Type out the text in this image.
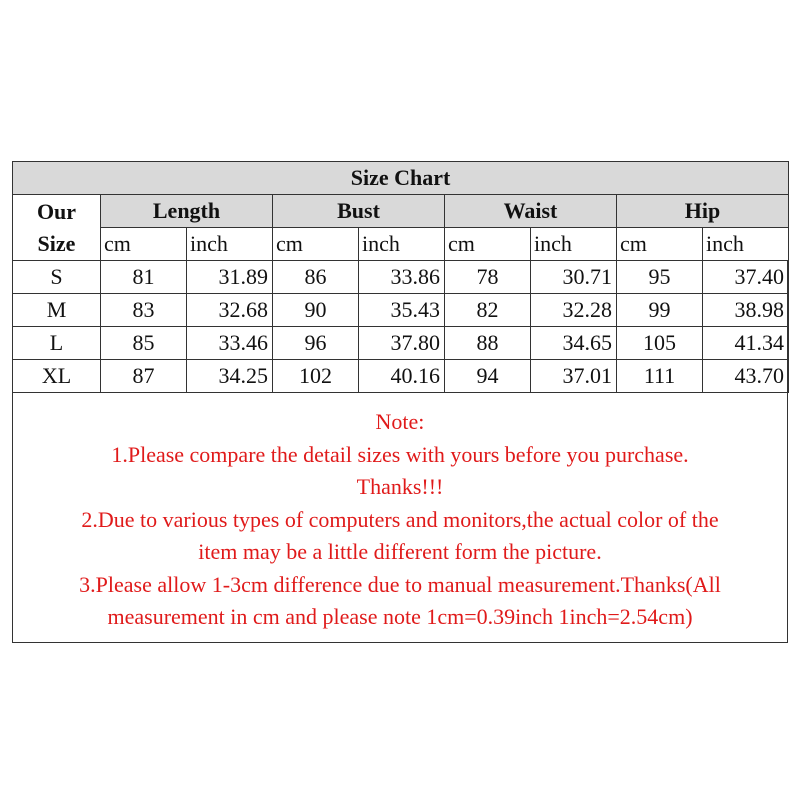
Size Chart								
Our
Size	Length		Bust		Waist		Hip	
	cm	inch	cm	inch	cm	inch	cm	inch
S	81	31.89	86	33.86	78	30.71	95	37.40
M	83	32.68	90	35.43	82	32.28	99	38.98
L	85	33.46	96	37.80	88	34.65	105	41.34
XL	87	34.25	102	40.16	94	37.01	111	43.70
Note:
1.Please compare the detail sizes with yours before you purchase.
Thanks!!!
2.Due to various types of computers and monitors,the actual color of the
item may be a little different form the picture.
3.Please allow 1-3cm difference due to manual measurement.Thanks(All
measurement in cm and please note 1cm=0.39inch 1inch=2.54cm)
